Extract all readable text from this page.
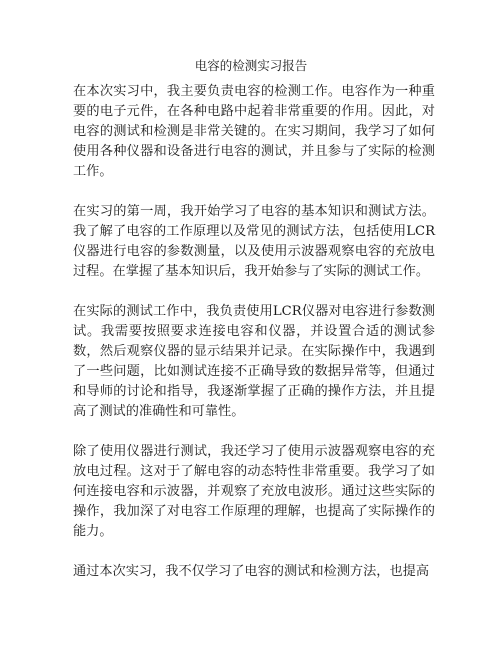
电容的检测实习报告

在本次实习中，我主要负责电容的检测工作。电容作为一种重要的电子元件，在各种电路中起着非常重要的作用。因此，对电容的测试和检测是非常关键的。在实习期间，我学习了如何使用各种仪器和设备进行电容的测试，并且参与了实际的检测工作。

在实习的第一周，我开始学习了电容的基本知识和测试方法。我了解了电容的工作原理以及常见的测试方法，包括使用LCR仪器进行电容的参数测量，以及使用示波器观察电容的充放电过程。在掌握了基本知识后，我开始参与了实际的测试工作。

在实际的测试工作中，我负责使用LCR仪器对电容进行参数测试。我需要按照要求连接电容和仪器，并设置合适的测试参数，然后观察仪器的显示结果并记录。在实际操作中，我遇到了一些问题，比如测试连接不正确导致的数据异常等，但通过和导师的讨论和指导，我逐渐掌握了正确的操作方法，并且提高了测试的准确性和可靠性。

除了使用仪器进行测试，我还学习了使用示波器观察电容的充放电过程。这对于了解电容的动态特性非常重要。我学习了如何连接电容和示波器，并观察了充放电波形。通过这些实际的操作，我加深了对电容工作原理的理解，也提高了实际操作的能力。

通过本次实习，我不仅学习了电容的测试和检测方法，也提高
